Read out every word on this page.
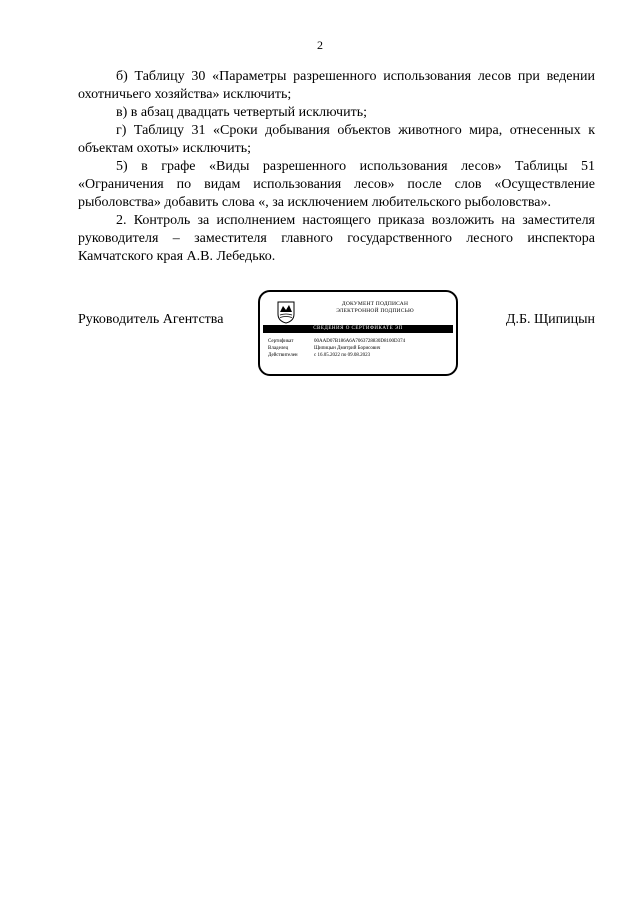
2

б) Таблицу 30 «Параметры разрешенного использования лесов при ведении охотничьего хозяйства» исключить;

в) в абзац двадцать четвертый исключить;

г) Таблицу 31 «Сроки добывания объектов животного мира, отнесенных к объектам охоты» исключить;

5) в графе «Виды разрешенного использования лесов» Таблицы 51 «Ограничения по видам использования лесов» после слов «Осуществление рыболовства» добавить слова «, за исключением любительского рыболовства».

2. Контроль за исполнением настоящего приказа возложить на заместителя руководителя – заместителя главного государственного лесного инспектора Камчатского края А.В. Лебедько.

Руководитель Агентства
ДОКУМЕНТ ПОДПИСАН
ЭЛЕКТРОННОЙ ПОДПИСЬЮ
СВЕДЕНИЯ О СЕРТИФИКАТЕ ЭП
Сертификат	00AAD07B186A6A7063728830D8100D374
Владелец	Щипицын Дмитрий Борисович
Действителен	с 16.05.2022 по 09.08.2023
Д.Б. Щипицын
